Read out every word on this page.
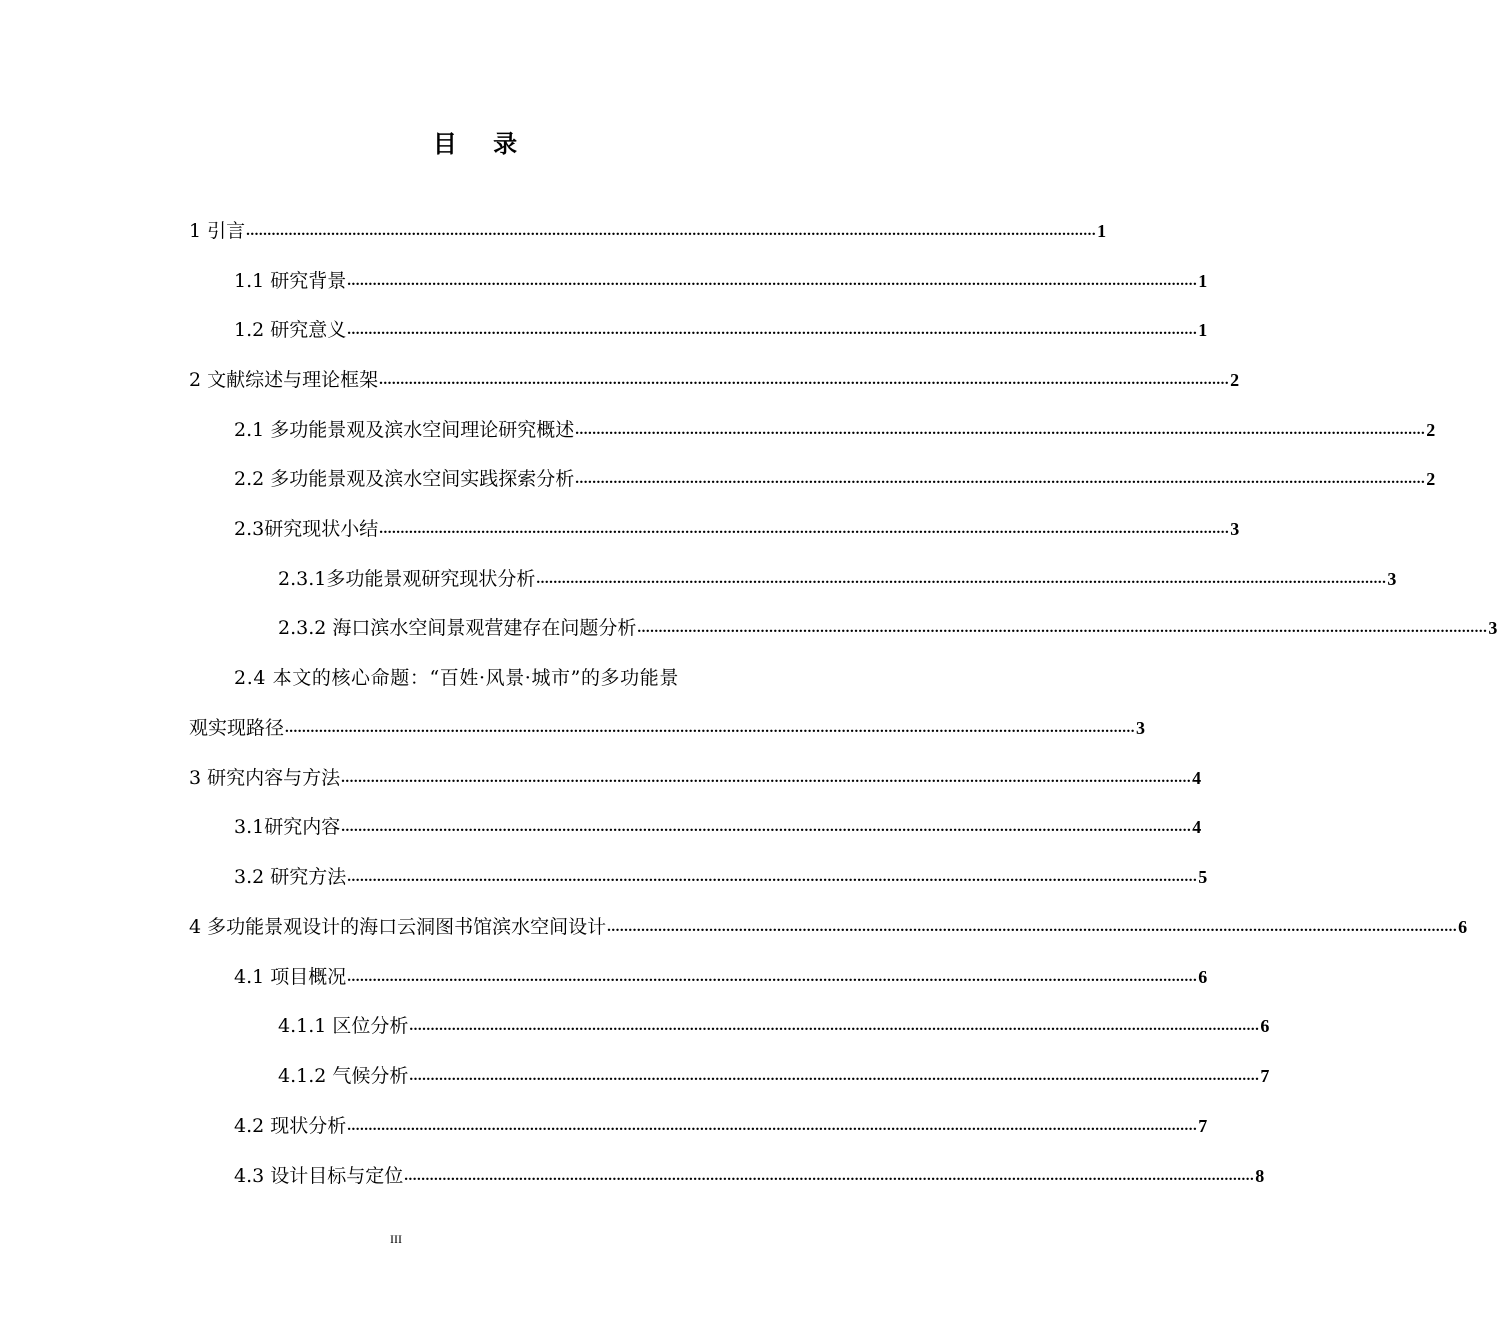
目 录
1 引言 ........................................................................................................................................................................................................ 1
1.1 研究背景 ........................................................................................................................................................................................................ 1
1.2 研究意义 ........................................................................................................................................................................................................ 1
2 文献综述与理论框架 ........................................................................................................................................................................................................ 2
2.1 多功能景观及滨水空间理论研究概述 ........................................................................................................................................................................................................ 2
2.2 多功能景观及滨水空间实践探索分析 ........................................................................................................................................................................................................ 2
2.3研究现状小结 ........................................................................................................................................................................................................ 3
2.3.1多功能景观研究现状分析 ........................................................................................................................................................................................................ 3
2.3.2 海口滨水空间景观营建存在问题分析 ........................................................................................................................................................................................................ 3
2.4 本文的核心命题：“百姓·风景·城市”的多功能景
观实现路径 ........................................................................................................................................................................................................ 3
3 研究内容与方法 ........................................................................................................................................................................................................ 4
3.1研究内容 ........................................................................................................................................................................................................ 4
3.2 研究方法 ........................................................................................................................................................................................................ 5
4 多功能景观设计的海口云洞图书馆滨水空间设计 ........................................................................................................................................................................................................ 6
4.1 项目概况 ........................................................................................................................................................................................................ 6
4.1.1 区位分析 ........................................................................................................................................................................................................ 6
4.1.2 气候分析 ........................................................................................................................................................................................................ 7
4.2 现状分析 ........................................................................................................................................................................................................ 7
4.3 设计目标与定位 ........................................................................................................................................................................................................ 8
III
